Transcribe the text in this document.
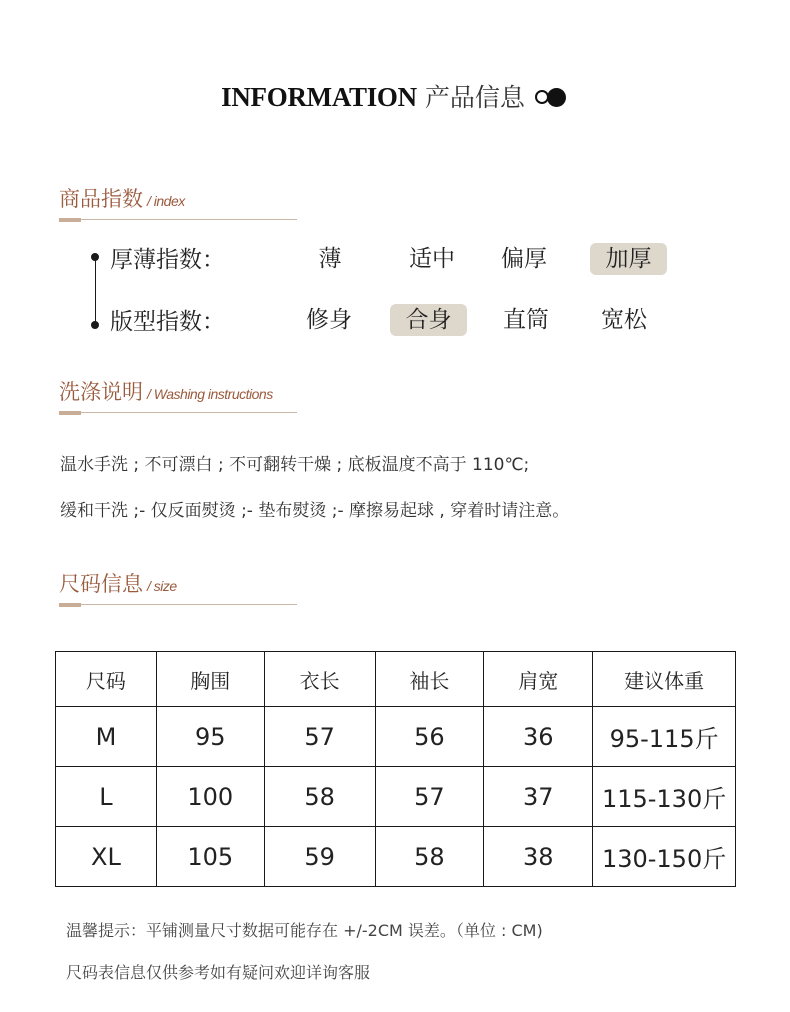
INFORMATION 产品信息
商品指数 / index
厚薄指数：	薄	适中	偏厚	加厚
版型指数：	修身	合身	直筒	宽松
洗涤说明 / Washing instructions
温水手洗 ; 不可漂白 ; 不可翻转干燥 ; 底板温度不高于 110℃;
缓和干洗 ;- 仅反面熨烫 ;- 垫布熨烫 ;- 摩擦易起球 , 穿着时请注意。
尺码信息 / size
尺码	胸围	衣长	袖长	肩宽	建议体重
M	95	57	56	36	95-115斤
L	100	58	57	37	115-130斤
XL	105	59	58	38	130-150斤
温馨提示：平铺测量尺寸数据可能存在 +/-2CM 误差。（单位 : CM)
尺码表信息仅供参考如有疑问欢迎详询客服
